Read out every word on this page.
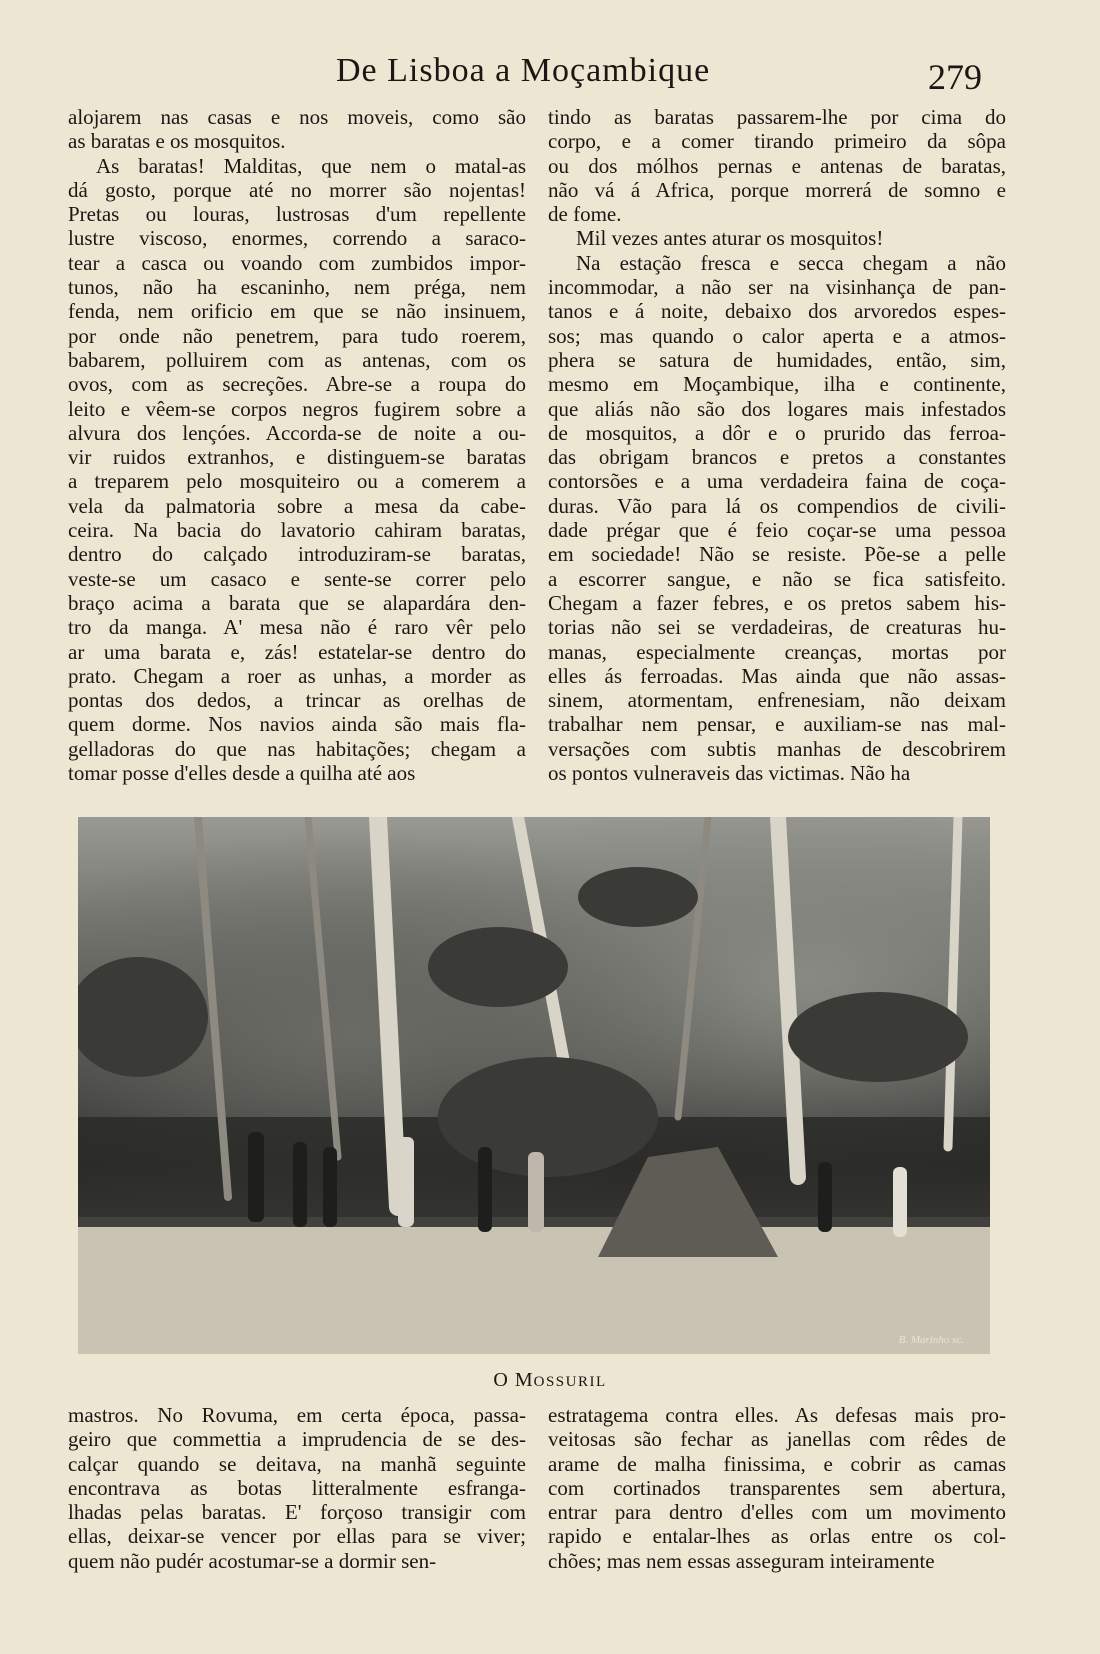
De Lisboa a Moçambique	279
alojarem nas casas e nos moveis, como são
as baratas e os mosquitos.
As baratas! Malditas, que nem o matal-as
dá gosto, porque até no morrer são nojentas!
Pretas ou louras, lustrosas d'um repellente
lustre viscoso, enormes, correndo a saraco-
tear a casca ou voando com zumbidos impor-
tunos, não ha escaninho, nem préga, nem
fenda, nem orificio em que se não insinuem,
por onde não penetrem, para tudo roerem,
babarem, polluirem com as antenas, com os
ovos, com as secreções. Abre-se a roupa do
leito e vêem-se corpos negros fugirem sobre a
alvura dos lençóes. Accorda-se de noite a ou-
vir ruidos extranhos, e distinguem-se baratas
a treparem pelo mosquiteiro ou a comerem a
vela da palmatoria sobre a mesa da cabe-
ceira. Na bacia do lavatorio cahiram baratas,
dentro do calçado introduziram-se baratas,
veste-se um casaco e sente-se correr pelo
braço acima a barata que se alapardára den-
tro da manga. A' mesa não é raro vêr pelo
ar uma barata e, zás! estatelar-se dentro do
prato. Chegam a roer as unhas, a morder as
pontas dos dedos, a trincar as orelhas de
quem dorme. Nos navios ainda são mais fla-
gelladoras do que nas habitações; chegam a
tomar posse d'elles desde a quilha até aos
tindo as baratas passarem-lhe por cima do
corpo, e a comer tirando primeiro da sôpa
ou dos mólhos pernas e antenas de baratas,
não vá á Africa, porque morrerá de somno e
de fome.
Mil vezes antes aturar os mosquitos!
Na estação fresca e secca chegam a não
incommodar, a não ser na visinhança de pan-
tanos e á noite, debaixo dos arvoredos espes-
sos; mas quando o calor aperta e a atmos-
phera se satura de humidades, então, sim,
mesmo em Moçambique, ilha e continente,
que aliás não são dos logares mais infestados
de mosquitos, a dôr e o prurido das ferroa-
das obrigam brancos e pretos a constantes
contorsões e a uma verdadeira faina de coça-
duras. Vão para lá os compendios de civili-
dade prégar que é feio coçar-se uma pessoa
em sociedade! Não se resiste. Põe-se a pelle
a escorrer sangue, e não se fica satisfeito.
Chegam a fazer febres, e os pretos sabem his-
torias não sei se verdadeiras, de creaturas hu-
manas, especialmente creanças, mortas por
elles ás ferroadas. Mas ainda que não assas-
sinem, atormentam, enfrenesiam, não deixam
trabalhar nem pensar, e auxiliam-se nas mal-
versações com subtis manhas de descobrirem
os pontos vulneraveis das victimas. Não ha
B. Marinho sc.
O MOSSURIL
mastros. No Rovuma, em certa época, passa-
geiro que commettia a imprudencia de se des-
calçar quando se deitava, na manhã seguinte
encontrava as botas litteralmente esfranga-
lhadas pelas baratas. E' forçoso transigir com
ellas, deixar-se vencer por ellas para se viver;
quem não pudér acostumar-se a dormir sen-
estratagema contra elles. As defesas mais pro-
veitosas são fechar as janellas com rêdes de
arame de malha finissima, e cobrir as camas
com cortinados transparentes sem abertura,
entrar para dentro d'elles com um movimento
rapido e entalar-lhes as orlas entre os col-
chões; mas nem essas asseguram inteiramente
